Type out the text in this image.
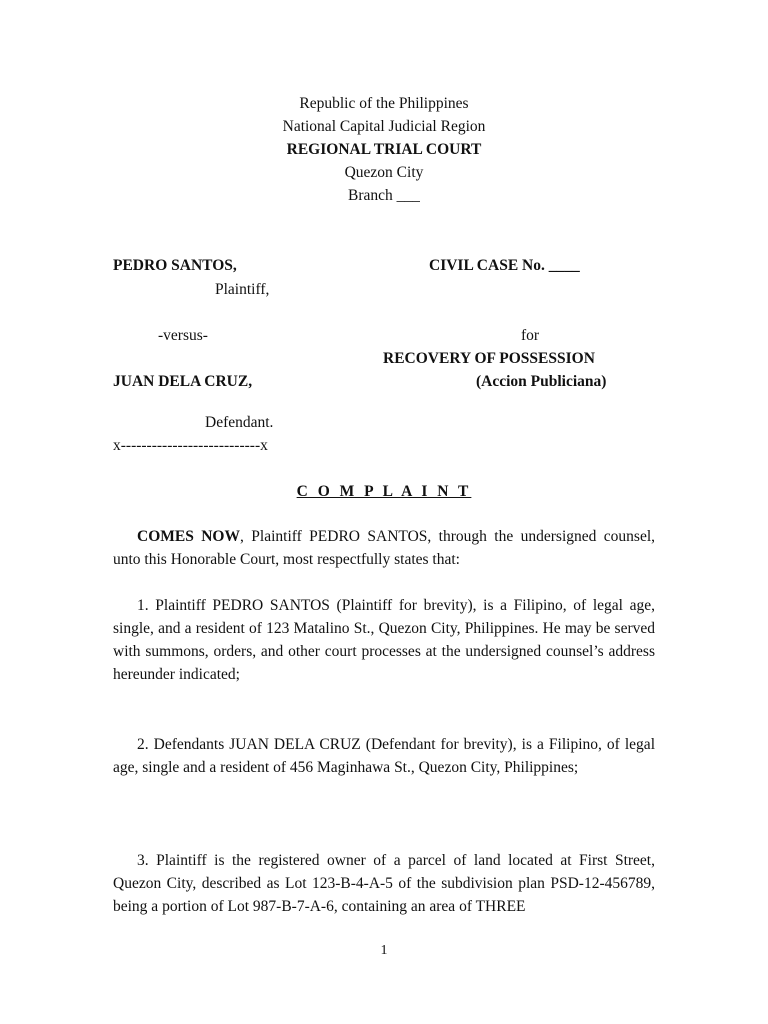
Republic of the Philippines
National Capital Judicial Region
REGIONAL TRIAL COURT
Quezon City
Branch ___
PEDRO SANTOS,
Plaintiff,
-versus-
JUAN DELA CRUZ,
Defendant.
x---------------------------x
CIVIL CASE No. ____
for
RECOVERY OF POSSESSION
(Accion Publiciana)
C O M P L A I N T
COMES NOW, Plaintiff PEDRO SANTOS, through the undersigned counsel, unto this Honorable Court, most respectfully states that:
1. Plaintiff PEDRO SANTOS (Plaintiff for brevity), is a Filipino, of legal age, single, and a resident of 123 Matalino St., Quezon City, Philippines. He may be served with summons, orders, and other court processes at the undersigned counsel’s address hereunder indicated;
2. Defendants JUAN DELA CRUZ (Defendant for brevity), is a Filipino, of legal age, single and a resident of 456 Maginhawa St., Quezon City, Philippines;
3. Plaintiff is the registered owner of a parcel of land located at First Street, Quezon City, described as Lot 123-B-4-A-5 of the subdivision plan PSD-12-456789, being a portion of Lot 987-B-7-A-6, containing an area of THREE
1
